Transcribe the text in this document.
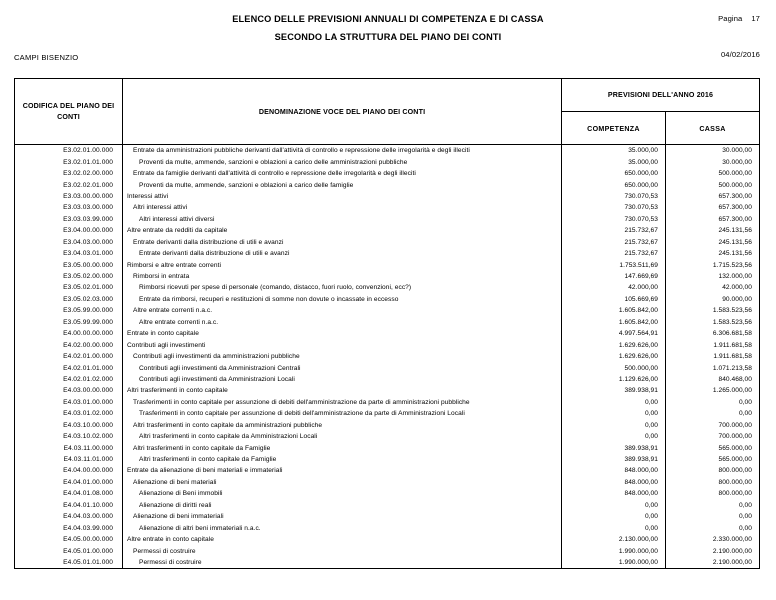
ELENCO DELLE PREVISIONI ANNUALI DI COMPETENZA E DI CASSA
SECONDO LA STRUTTURA DEL PIANO DEI CONTI
Pagina 17
CAMPI BISENZIO	04/02/2016
CODIFICA DEL PIANO DEI CONTI
DENOMINAZIONE VOCE DEL PIANO DEI CONTI
PREVISIONI DELL'ANNO 2016
COMPETENZA	CASSA
E3.02.01.00.000	Entrate da amministrazioni pubbliche derivanti dall'attività di controllo e repressione delle irregolarità e degli illeciti	35.000,00	30.000,00
E3.02.01.01.000	Proventi da multe, ammende, sanzioni e oblazioni a carico delle amministrazioni pubbliche	35.000,00	30.000,00
E3.02.02.00.000	Entrate da famiglie derivanti dall'attività di controllo e repressione delle irregolarità e degli illeciti	650.000,00	500.000,00
E3.02.02.01.000	Proventi da multe, ammende, sanzioni e oblazioni a carico delle famiglie	650.000,00	500.000,00
E3.03.00.00.000	Interessi attivi	730.070,53	657.300,00
E3.03.03.00.000	Altri interessi attivi	730.070,53	657.300,00
E3.03.03.99.000	Altri interessi attivi diversi	730.070,53	657.300,00
E3.04.00.00.000	Altre entrate da redditi da capitale	215.732,67	245.131,56
E3.04.03.00.000	Entrate derivanti dalla distribuzione di utili e avanzi	215.732,67	245.131,56
E3.04.03.01.000	Entrate derivanti dalla distribuzione di utili e avanzi	215.732,67	245.131,56
E3.05.00.00.000	Rimborsi e altre entrate correnti	1.753.511,69	1.715.523,56
E3.05.02.00.000	Rimborsi in entrata	147.669,69	132.000,00
E3.05.02.01.000	Rimborsi ricevuti per spese di personale (comando, distacco, fuori ruolo, convenzioni, ecc?)	42.000,00	42.000,00
E3.05.02.03.000	Entrate da rimborsi, recuperi e restituzioni di somme non dovute o incassate in eccesso	105.669,69	90.000,00
E3.05.99.00.000	Altre entrate correnti n.a.c.	1.605.842,00	1.583.523,56
E3.05.99.99.000	Altre entrate correnti n.a.c.	1.605.842,00	1.583.523,56
E4.00.00.00.000	Entrate in conto capitale	4.997.564,91	6.306.681,58
E4.02.00.00.000	Contributi agli investimenti	1.629.626,00	1.911.681,58
E4.02.01.00.000	Contributi agli investimenti da amministrazioni pubbliche	1.629.626,00	1.911.681,58
E4.02.01.01.000	Contributi agli investimenti da Amministrazioni Centrali	500.000,00	1.071.213,58
E4.02.01.02.000	Contributi agli investimenti da Amministrazioni Locali	1.129.626,00	840.468,00
E4.03.00.00.000	Altri trasferimenti in conto capitale	389.938,91	1.265.000,00
E4.03.01.00.000	Trasferimenti in conto capitale per assunzione di debiti dell'amministrazione da parte di amministrazioni pubbliche	0,00	0,00
E4.03.01.02.000	Trasferimenti in conto capitale per assunzione di debiti dell'amministrazione da parte di Amministrazioni Locali	0,00	0,00
E4.03.10.00.000	Altri trasferimenti in conto capitale da amministrazioni pubbliche	0,00	700.000,00
E4.03.10.02.000	Altri trasferimenti in conto capitale da Amministrazioni Locali	0,00	700.000,00
E4.03.11.00.000	Altri trasferimenti in conto capitale da Famiglie	389.938,91	565.000,00
E4.03.11.01.000	Altri trasferimenti in conto capitale da Famiglie	389.938,91	565.000,00
E4.04.00.00.000	Entrate da alienazione di beni materiali e immateriali	848.000,00	800.000,00
E4.04.01.00.000	Alienazione di beni materiali	848.000,00	800.000,00
E4.04.01.08.000	Alienazione di Beni immobili	848.000,00	800.000,00
E4.04.01.10.000	Alienazione di diritti reali	0,00	0,00
E4.04.03.00.000	Alienazione di beni immateriali	0,00	0,00
E4.04.03.99.000	Alienazione di altri beni immateriali n.a.c.	0,00	0,00
E4.05.00.00.000	Altre entrate in conto capitale	2.130.000,00	2.330.000,00
E4.05.01.00.000	Permessi di costruire	1.990.000,00	2.190.000,00
E4.05.01.01.000	Permessi di costruire	1.990.000,00	2.190.000,00
